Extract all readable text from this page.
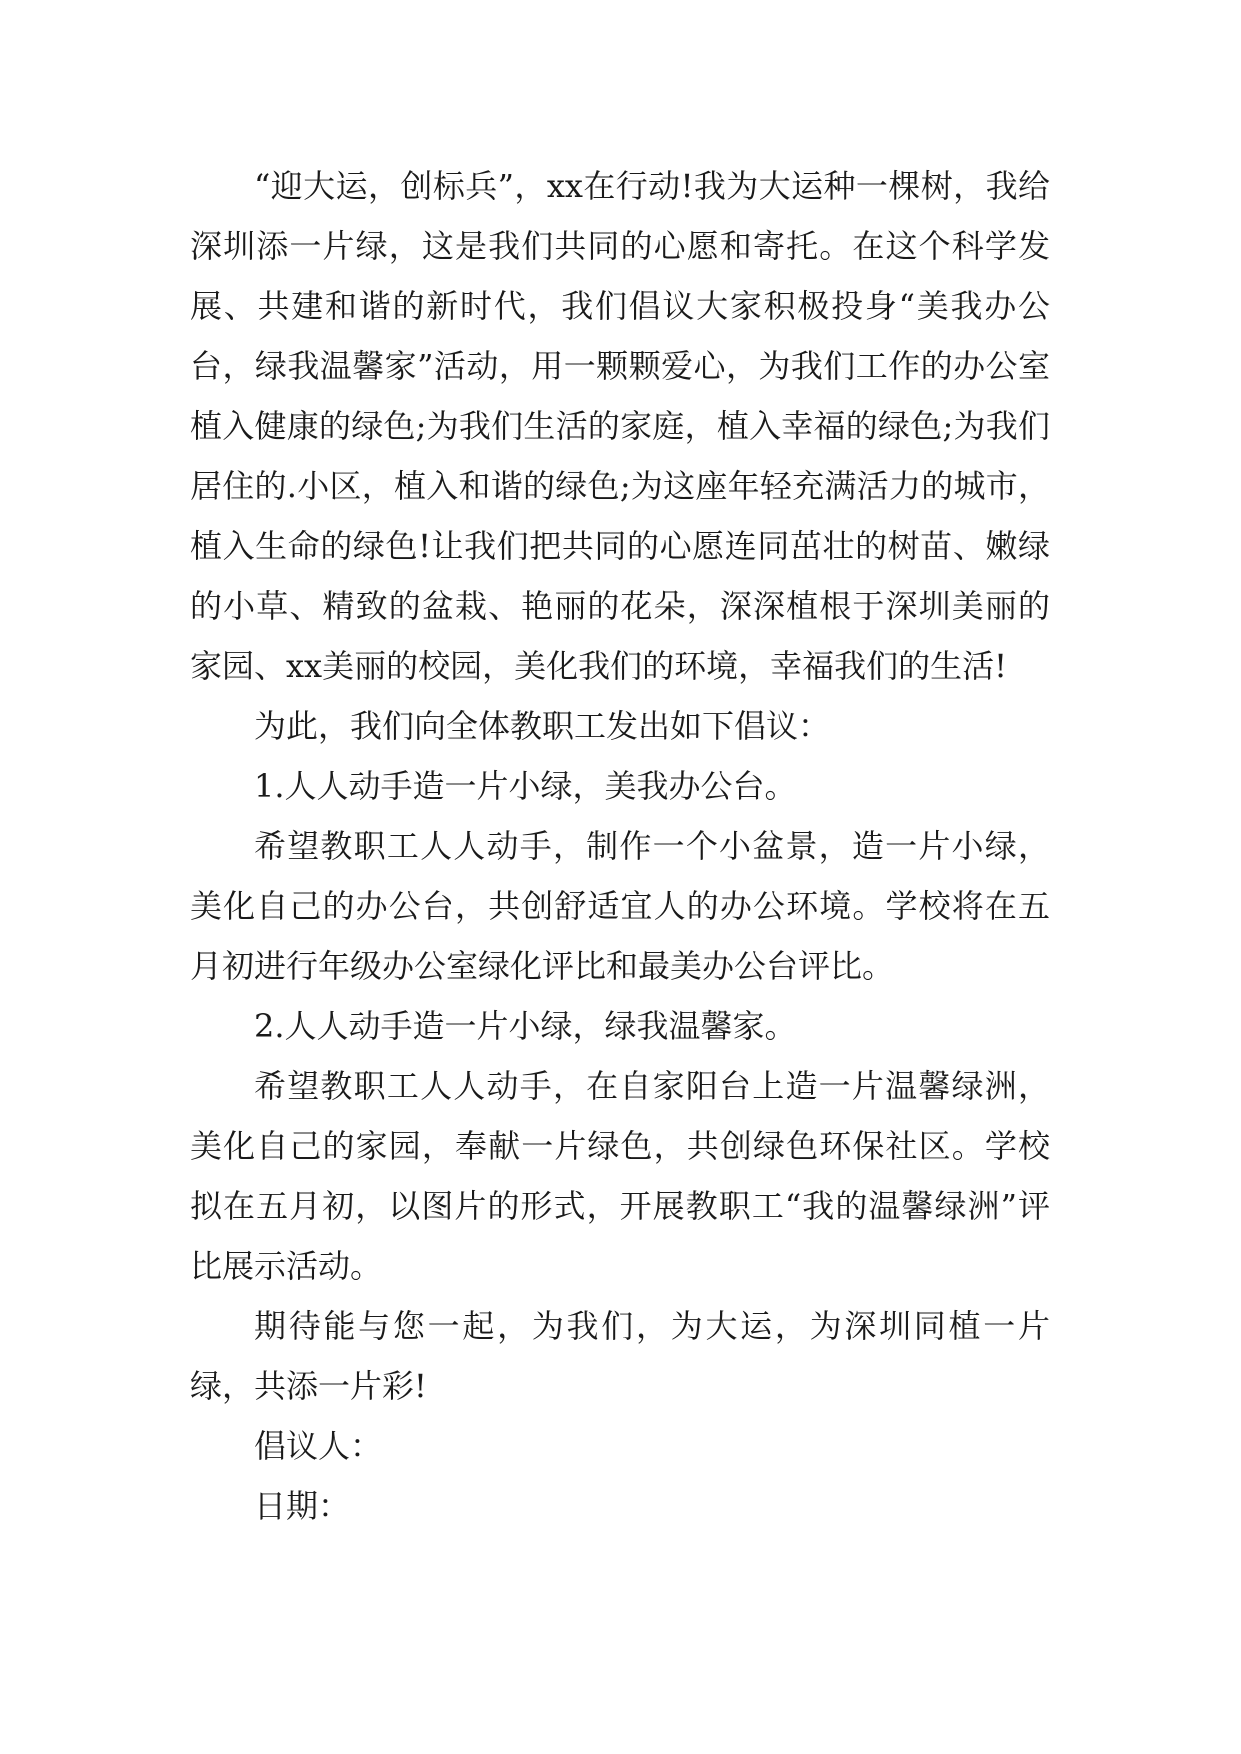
“迎大运，创标兵”，xx在行动!我为大运种一棵树，我给深圳添一片绿，这是我们共同的心愿和寄托。在这个科学发展、共建和谐的新时代，我们倡议大家积极投身“美我办公台，绿我温馨家”活动，用一颗颗爱心，为我们工作的办公室植入健康的绿色;为我们生活的家庭，植入幸福的绿色;为我们居住的.小区，植入和谐的绿色;为这座年轻充满活力的城市，植入生命的绿色!让我们把共同的心愿连同茁壮的树苗、嫩绿的小草、精致的盆栽、艳丽的花朵，深深植根于深圳美丽的家园、xx美丽的校园，美化我们的环境，幸福我们的生活!

为此，我们向全体教职工发出如下倡议：

1.人人动手造一片小绿，美我办公台。

希望教职工人人动手，制作一个小盆景，造一片小绿，美化自己的办公台，共创舒适宜人的办公环境。学校将在五月初进行年级办公室绿化评比和最美办公台评比。

2.人人动手造一片小绿，绿我温馨家。

希望教职工人人动手，在自家阳台上造一片温馨绿洲，美化自己的家园，奉献一片绿色，共创绿色环保社区。学校拟在五月初，以图片的形式，开展教职工“我的温馨绿洲”评比展示活动。

期待能与您一起，为我们，为大运，为深圳同植一片绿，共添一片彩!

倡议人：

日期：
